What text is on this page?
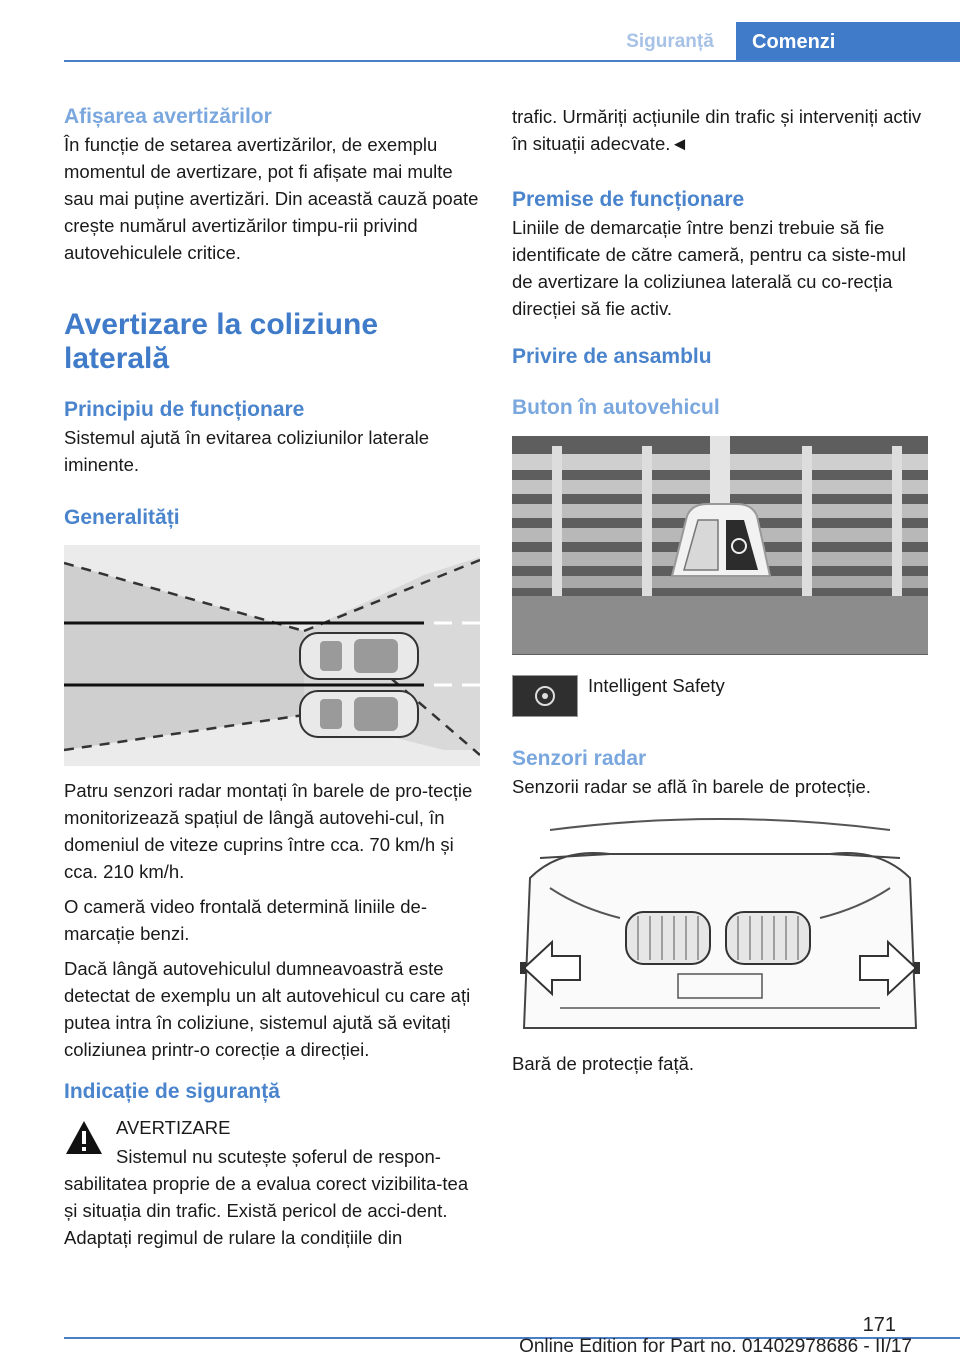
Siguranță	Comenzi

Afișarea avertizărilor

În funcție de setarea avertizărilor, de exemplu momentul de avertizare, pot fi afișate mai multe sau mai puține avertizări. Din această cauză poate crește numărul avertizărilor timpu-rii privind autovehiculele critice.

Avertizare la coliziune laterală

Principiu de funcționare

Sistemul ajută în evitarea coliziunilor laterale iminente.

Generalități

Patru senzori radar montați în barele de pro-tecție monitorizează spațiul de lângă autovehi-cul, în domeniul de viteze cuprins între cca. 70 km/h și cca. 210 km/h.

O cameră video frontală determină liniile de-marcație benzi.

Dacă lângă autovehiculul dumneavoastră este detectat de exemplu un alt autovehicul cu care ați putea intra în coliziune, sistemul ajută să evitați coliziunea printr-o corecție a direcției.

Indicație de siguranță

AVERTIZARE

Sistemul nu scutește șoferul de respon-sabilitatea proprie de a evalua corect vizibilita-tea și situația din trafic. Există pericol de acci-dent. Adaptați regimul de rulare la condițiile din

trafic. Urmăriți acțiunile din trafic și interveniți activ în situații adecvate.◄

Premise de funcționare

Liniile de demarcație între benzi trebuie să fie identificate de către cameră, pentru ca siste-mul de avertizare la coliziunea laterală cu co-recția direcției să fie activ.

Privire de ansamblu

Buton în autovehicul

Intelligent Safety

Senzori radar

Senzorii radar se află în barele de protecție.

Bară de protecție față.

171
Online Edition for Part no. 01402978686 - II/17
